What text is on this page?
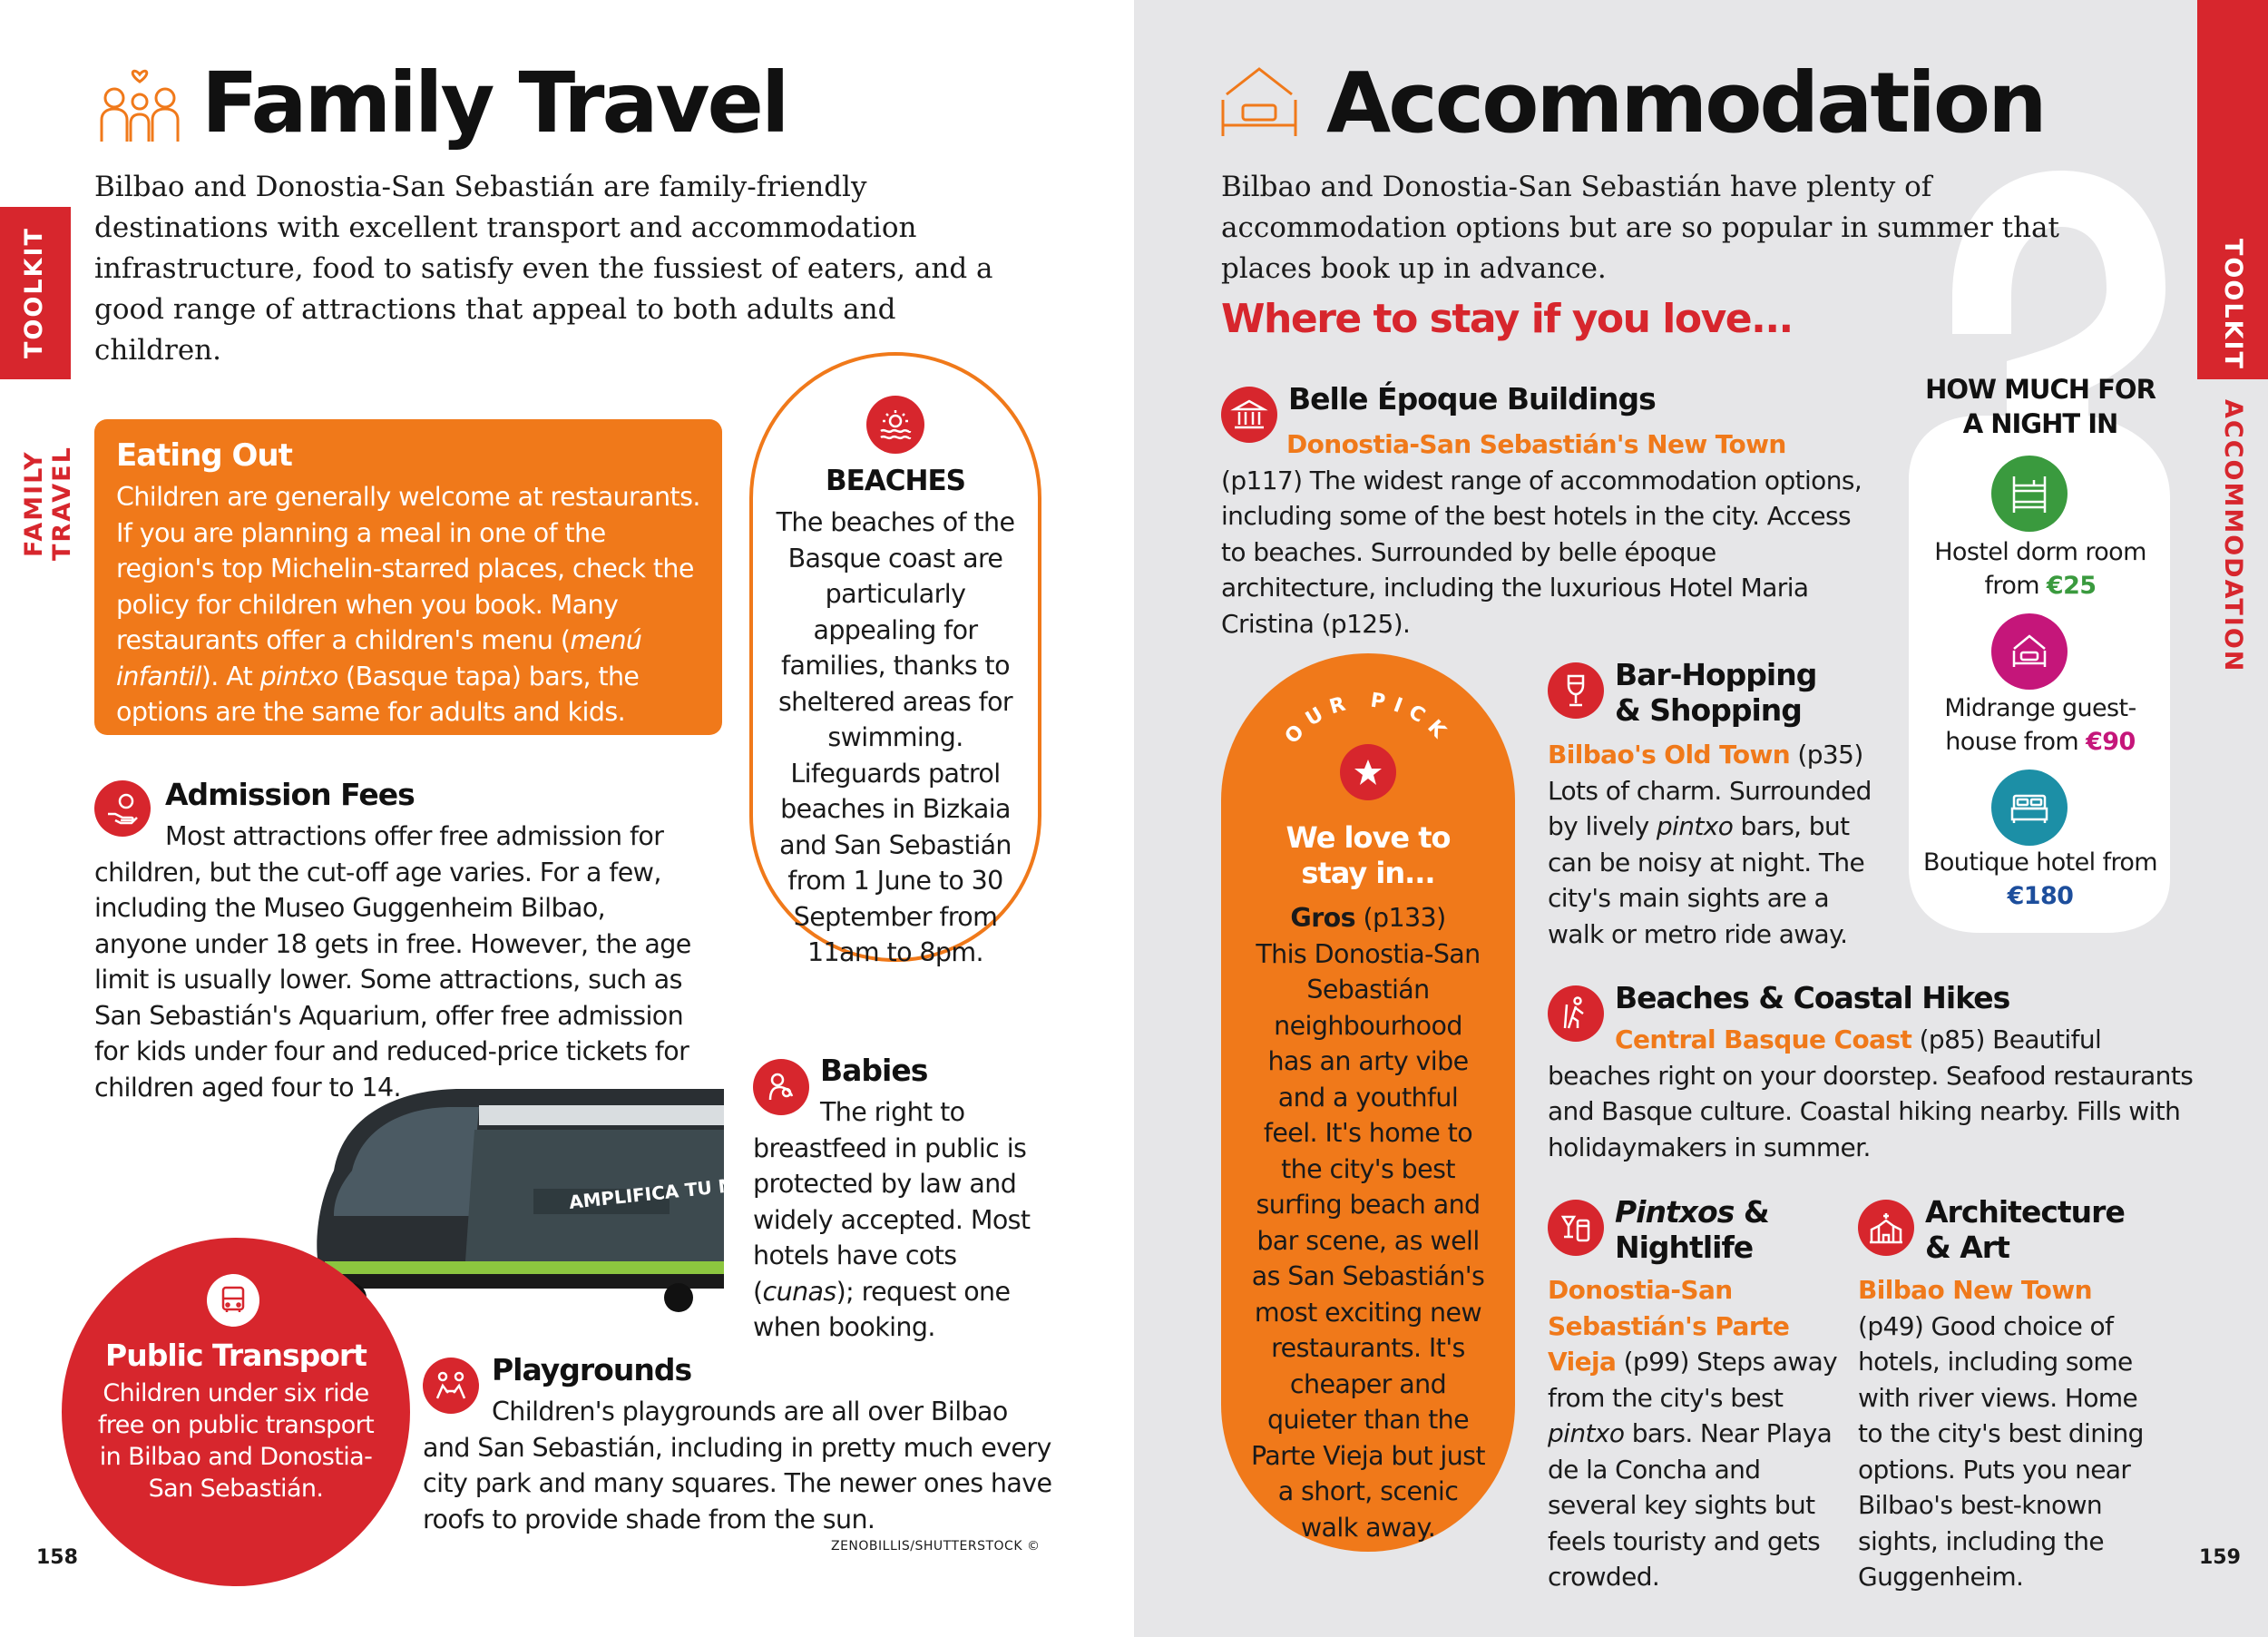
TOOLKIT
FAMILY TRAVEL
Family Travel
Bilbao and Donostia-San Sebastián are family-friendly destinations with excellent transport and accommodation infrastructure, food to satisfy even the fussiest of eaters, and a good range of attractions that appeal to both adults and children.
Eating Out
Children are generally welcome at restaurants. If you are planning a meal in one of the region's top Michelin-starred places, check the policy for children when you book. Many restaurants offer a children's menu (menú infantil). At pintxo (Basque tapa) bars, the options are the same for adults and kids.
BEACHES
The beaches of the Basque coast are particularly appealing for families, thanks to sheltered areas for swimming. Lifeguards patrol beaches in Bizkaia and San Sebastián from 1 June to 30 September from 11am to 8pm.
Admission Fees
Most attractions offer free admission for children, but the cut-off age varies. For a few, including the Museo Guggenheim Bilbao, anyone under 18 gets in free. However, the age limit is usually lower. Some attractions, such as San Sebastián's Aquarium, offer free admission for kids under four and reduced-price tickets for children aged four to 14.
AMPLIFICA TU MUNDO
Babies
The right to breastfeed in public is protected by law and widely accepted. Most hotels have cots (cunas); request one when booking.
Public Transport
Children under six ride free on public transport in Bilbao and Donostia-San Sebastián.
Playgrounds
Children's playgrounds are all over Bilbao and San Sebastián, including in pretty much every city park and many squares. The newer ones have roofs to provide shade from the sun.
158	ZENOBILLIS/SHUTTERSTOCK ©
TOOLKIT
ACCOMMODATION
Accommodation
Bilbao and Donostia-San Sebastián have plenty of accommodation options but are so popular in summer that places book up in advance.
Where to stay if you love...
Belle Époque Buildings
Donostia-San Sebastián's New Town (p117) The widest range of accommodation options, including some of the best hotels in the city. Access to beaches. Surrounded by belle époque architecture, including the luxurious Hotel Maria Cristina (p125).
OUR PICK
We love to stay in...
Gros (p133)
This Donostia-San Sebastián neighbourhood has an arty vibe and a youthful feel. It's home to the city's best surfing beach and bar scene, as well as San Sebastián's most exciting new restaurants. It's cheaper and quieter than the Parte Vieja but just a short, scenic walk away.
Bar-Hopping & Shopping
Bilbao's Old Town (p35) Lots of charm. Surrounded by lively pintxo bars, but can be noisy at night. The city's main sights are a walk or metro ride away.
Beaches & Coastal Hikes
Central Basque Coast (p85) Beautiful beaches right on your doorstep. Seafood restaurants and Basque culture. Coastal hiking nearby. Fills with holidaymakers in summer.
Pintxos & Nightlife
Donostia-San Sebastián's Parte Vieja (p99) Steps away from the city's best pintxo bars. Near Playa de la Concha and several key sights but feels touristy and gets crowded.
Architecture & Art
Bilbao New Town (p49) Good choice of hotels, including some with river views. Home to the city's best dining options. Puts you near Bilbao's best-known sights, including the Guggenheim.
HOW MUCH FOR A NIGHT IN
Hostel dorm room from €25
Midrange guest-house from €90
Boutique hotel from €180
159
